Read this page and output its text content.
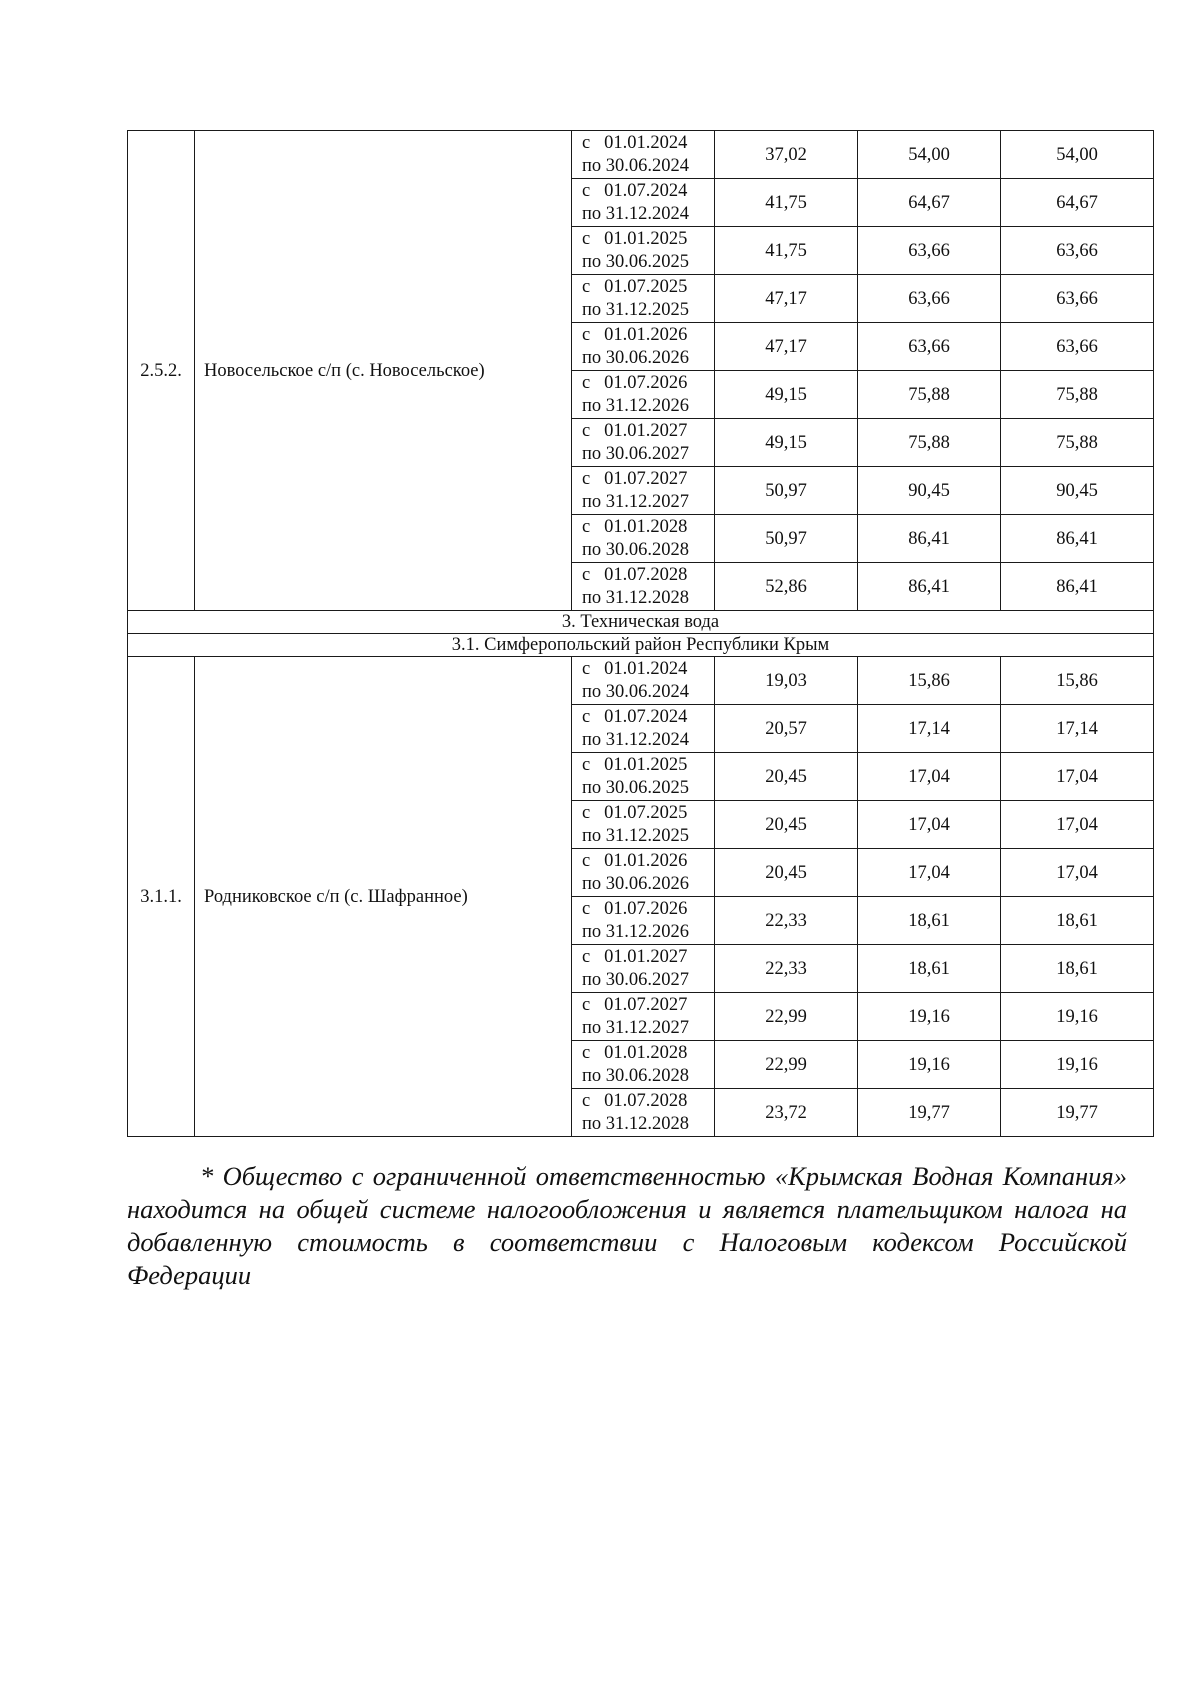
2.5.2.	Новосельское с/п (с. Новосельское)	с   01.01.2024
по 30.06.2024	37,02	54,00	54,00

		с   01.07.2024
по 31.12.2024	41,75	64,67	64,67

		с   01.01.2025
по 30.06.2025	41,75	63,66	63,66

		с   01.07.2025
по 31.12.2025	47,17	63,66	63,66

		с   01.01.2026
по 30.06.2026	47,17	63,66	63,66

		с   01.07.2026
по 31.12.2026	49,15	75,88	75,88

		с   01.01.2027
по 30.06.2027	49,15	75,88	75,88

		с   01.07.2027
по 31.12.2027	50,97	90,45	90,45

		с   01.01.2028
по 30.06.2028	50,97	86,41	86,41

		с   01.07.2028
по 31.12.2028	52,86	86,41	86,41
3. Техническая вода					
3.1. Симферопольский район Республики Крым					
3.1.1.	Родниковское с/п (с. Шафранное)	с   01.01.2024
по 30.06.2024	19,03	15,86	15,86

		с   01.07.2024
по 31.12.2024	20,57	17,14	17,14

		с   01.01.2025
по 30.06.2025	20,45	17,04	17,04

		с   01.07.2025
по 31.12.2025	20,45	17,04	17,04

		с   01.01.2026
по 30.06.2026	20,45	17,04	17,04

		с   01.07.2026
по 31.12.2026	22,33	18,61	18,61

		с   01.01.2027
по 30.06.2027	22,33	18,61	18,61

		с   01.07.2027
по 31.12.2027	22,99	19,16	19,16

		с   01.01.2028
по 30.06.2028	22,99	19,16	19,16

		с   01.07.2028
по 31.12.2028	23,72	19,77	19,77

* Общество с ограниченной ответственностью «Крымская Водная Компания» находится на общей системе налогообложения и является плательщиком налога на добавленную стоимость в соответствии с Налоговым кодексом Российской Федерации
